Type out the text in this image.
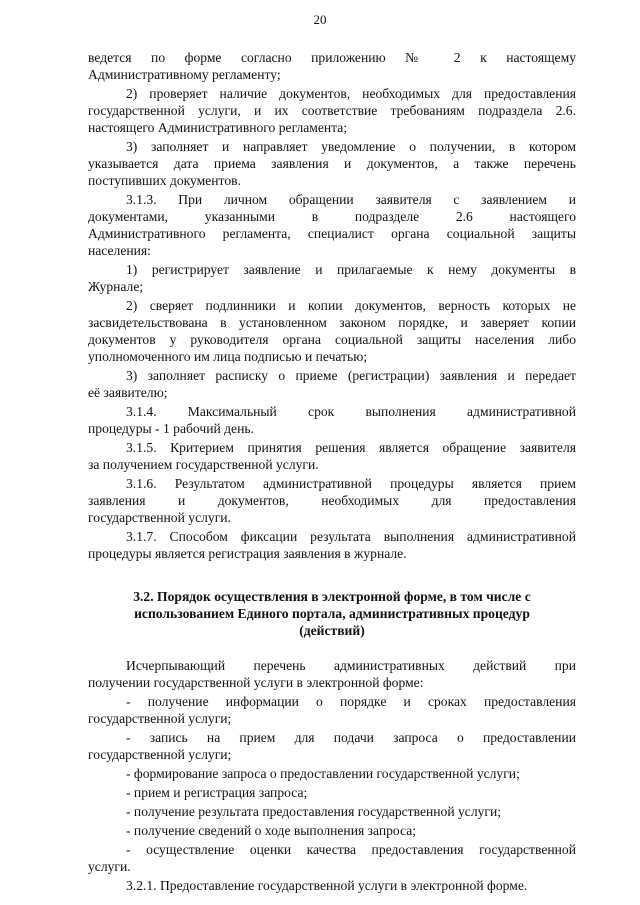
20
ведется по форме согласно приложению № 2 к настоящему
Административному регламенту;
2) проверяет наличие документов, необходимых для предоставления
государственной услуги, и их соответствие требованиям подраздела 2.6.
настоящего Административного регламента;
3) заполняет и направляет уведомление о получении, в котором
указывается дата приема заявления и документов, а также перечень
поступивших документов.
3.1.3. При личном обращении заявителя с заявлением и
документами, указанными в подразделе 2.6 настоящего
Административного регламента, специалист органа социальной защиты
населения:
1) регистрирует заявление и прилагаемые к нему документы в
Журнале;
2) сверяет подлинники и копии документов, верность которых не
засвидетельствована в установленном законом порядке, и заверяет копии
документов у руководителя органа социальной защиты населения либо
уполномоченного им лица подписью и печатью;
3) заполняет расписку о приеме (регистрации) заявления и передает
её заявителю;
3.1.4. Максимальный срок выполнения административной
процедуры - 1 рабочий день.
3.1.5. Критерием принятия решения является обращение заявителя
за получением государственной услуги.
3.1.6. Результатом административной процедуры является прием
заявления и документов, необходимых для предоставления
государственной услуги.
3.1.7. Способом фиксации результата выполнения административной
процедуры является регистрация заявления в журнале.
3.2. Порядок осуществления в электронной форме, в том числе с
использованием Единого портала, административных процедур
(действий)
Исчерпывающий перечень административных действий при
получении государственной услуги в электронной форме:
- получение информации о порядке и сроках предоставления
государственной услуги;
- запись на прием для подачи запроса о предоставлении
государственной услуги;
- формирование запроса о предоставлении государственной услуги;
- прием и регистрация запроса;
- получение результата предоставления государственной услуги;
- получение сведений о ходе выполнения запроса;
- осуществление оценки качества предоставления государственной
услуги.
3.2.1. Предоставление государственной услуги в электронной форме.
